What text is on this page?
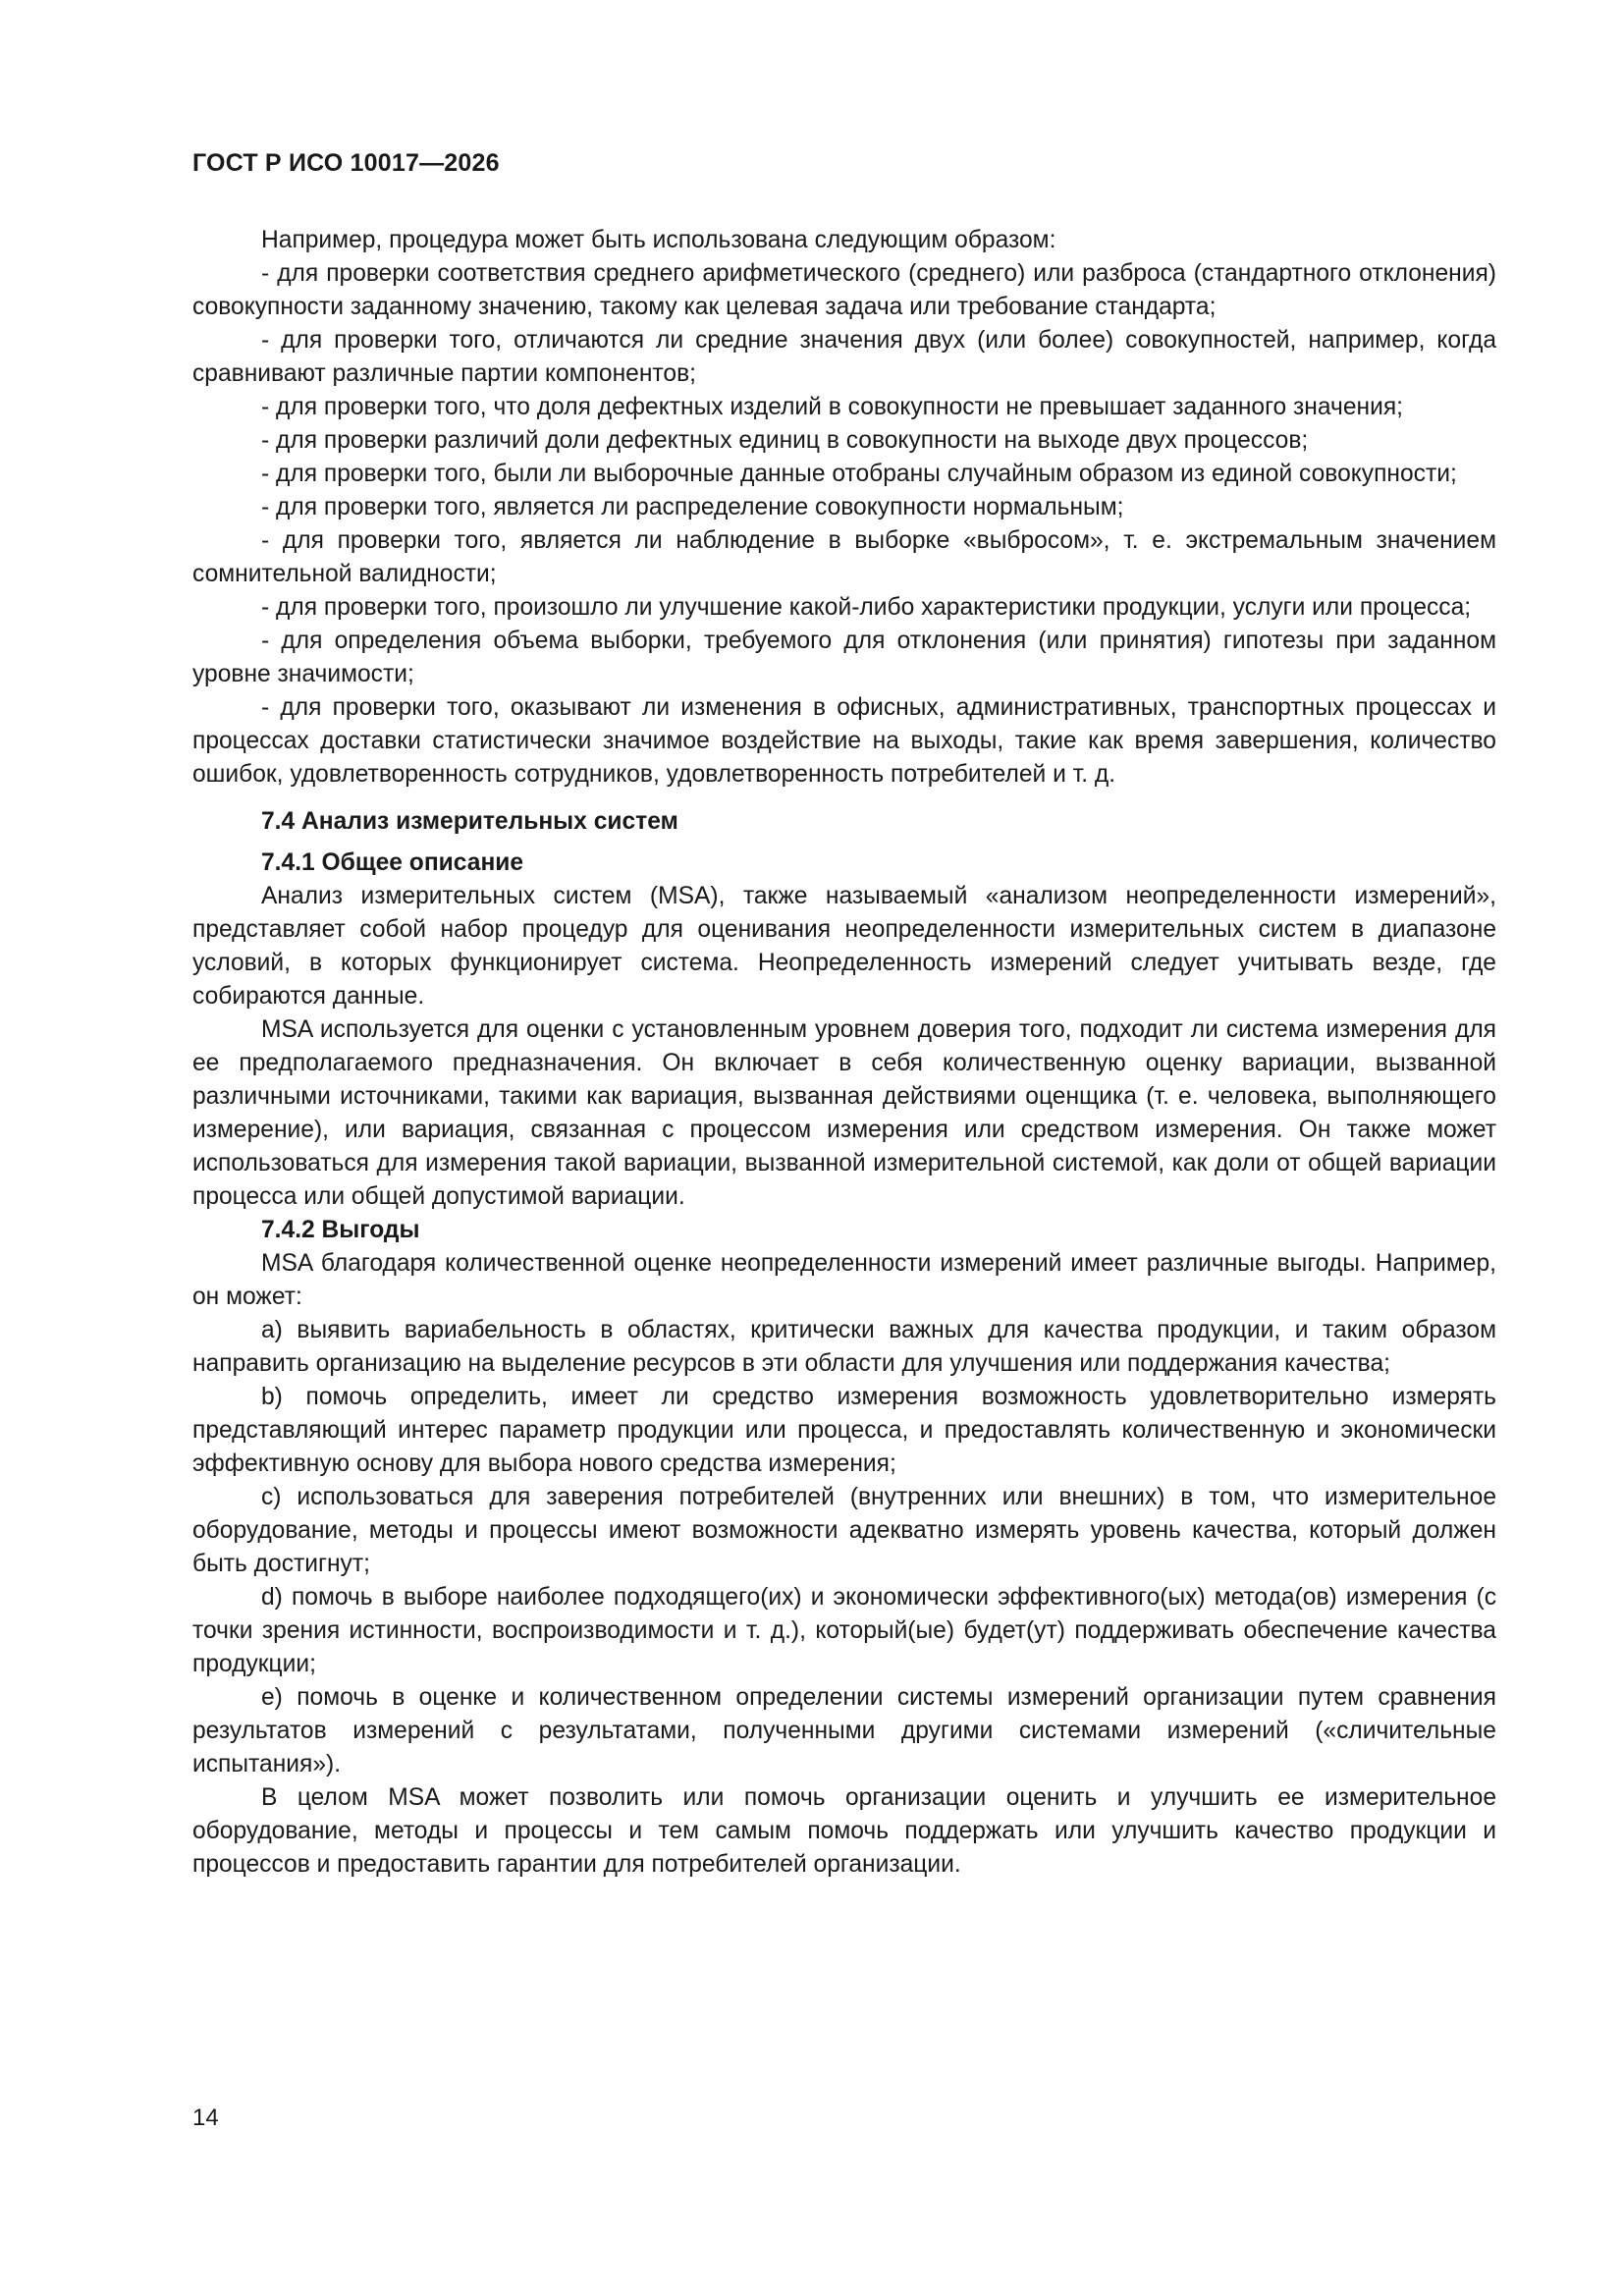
ГОСТ Р ИСО 10017—2026

Например, процедура может быть использована следующим образом:

- для проверки соответствия среднего арифметического (среднего) или разброса (стандартного отклонения) совокупности заданному значению, такому как целевая задача или требование стандарта;

- для проверки того, отличаются ли средние значения двух (или более) совокупностей, например, когда сравнивают различные партии компонентов;

- для проверки того, что доля дефектных изделий в совокупности не превышает заданного значения;

- для проверки различий доли дефектных единиц в совокупности на выходе двух процессов;

- для проверки того, были ли выборочные данные отобраны случайным образом из единой совокупности;

- для проверки того, является ли распределение совокупности нормальным;

- для проверки того, является ли наблюдение в выборке «выбросом», т. е. экстремальным значением сомнительной валидности;

- для проверки того, произошло ли улучшение какой-либо характеристики продукции, услуги или процесса;

- для определения объема выборки, требуемого для отклонения (или принятия) гипотезы при заданном уровне значимости;

- для проверки того, оказывают ли изменения в офисных, административных, транспортных процессах и процессах доставки статистически значимое воздействие на выходы, такие как время завершения, количество ошибок, удовлетворенность сотрудников, удовлетворенность потребителей и т. д.

7.4 Анализ измерительных систем

7.4.1 Общее описание

Анализ измерительных систем (MSA), также называемый «анализом неопределенности измерений», представляет собой набор процедур для оценивания неопределенности измерительных систем в диапазоне условий, в которых функционирует система. Неопределенность измерений следует учитывать везде, где собираются данные.

MSA используется для оценки с установленным уровнем доверия того, подходит ли система измерения для ее предполагаемого предназначения. Он включает в себя количественную оценку вариации, вызванной различными источниками, такими как вариация, вызванная действиями оценщика (т. е. человека, выполняющего измерение), или вариация, связанная с процессом измерения или средством измерения. Он также может использоваться для измерения такой вариации, вызванной измерительной системой, как доли от общей вариации процесса или общей допустимой вариации.

7.4.2 Выгоды

MSA благодаря количественной оценке неопределенности измерений имеет различные выгоды. Например, он может:

a) выявить вариабельность в областях, критически важных для качества продукции, и таким образом направить организацию на выделение ресурсов в эти области для улучшения или поддержания качества;

b) помочь определить, имеет ли средство измерения возможность удовлетворительно измерять представляющий интерес параметр продукции или процесса, и предоставлять количественную и экономически эффективную основу для выбора нового средства измерения;

c) использоваться для заверения потребителей (внутренних или внешних) в том, что измерительное оборудование, методы и процессы имеют возможности адекватно измерять уровень качества, который должен быть достигнут;

d) помочь в выборе наиболее подходящего(их) и экономически эффективного(ых) метода(ов) измерения (с точки зрения истинности, воспроизводимости и т. д.), который(ые) будет(ут) поддерживать обеспечение качества продукции;

e) помочь в оценке и количественном определении системы измерений организации путем сравнения результатов измерений с результатами, полученными другими системами измерений («сличительные испытания»).

В целом MSA может позволить или помочь организации оценить и улучшить ее измерительное оборудование, методы и процессы и тем самым помочь поддержать или улучшить качество продукции и процессов и предоставить гарантии для потребителей организации.

14
